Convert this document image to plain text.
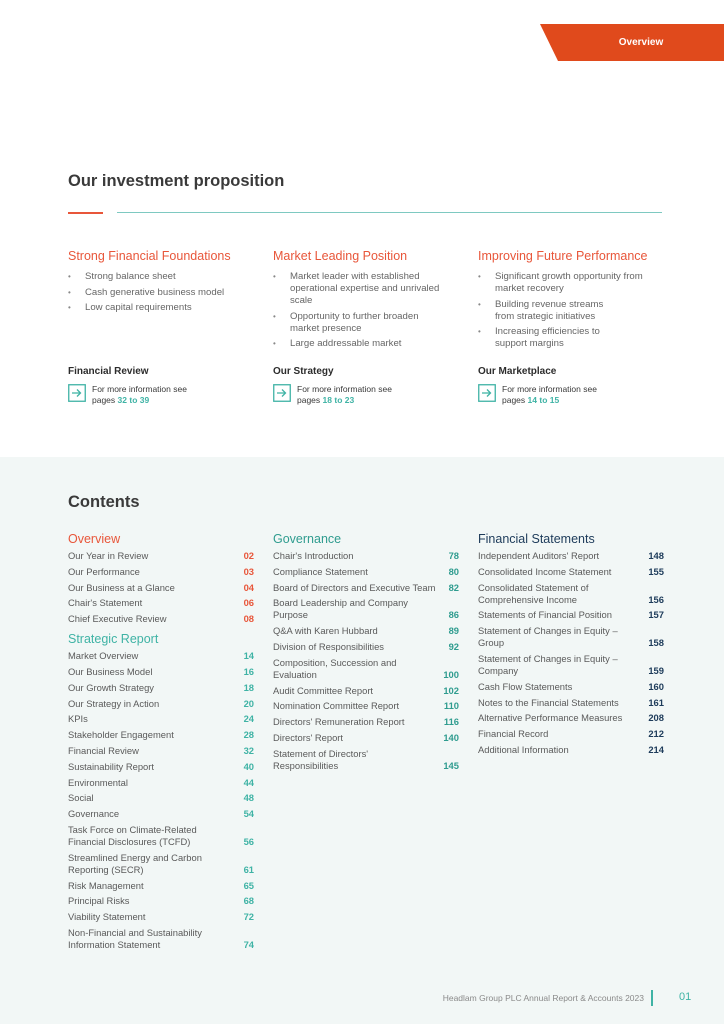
Overview
Our investment proposition
Strong Financial Foundations
• Strong balance sheet
• Cash generative business model
• Low capital requirements
Market Leading Position
• Market leader with established operational expertise and unrivaled scale
• Opportunity to further broaden market presence
• Large addressable market
Improving Future Performance
• Significant growth opportunity from market recovery
• Building revenue streams from strategic initiatives
• Increasing efficiencies to support margins
Financial Review
For more information see
pages 32 to 39
Our Strategy
For more information see
pages 18 to 23
Our Marketplace
For more information see
pages 14 to 15
Contents
Overview
Our Year in Review	02
Our Performance	03
Our Business at a Glance	04
Chair's Statement	06
Chief Executive Review	08
Strategic Report
Market Overview	14
Our Business Model	16
Our Growth Strategy	18
Our Strategy in Action	20
KPIs	24
Stakeholder Engagement	28
Financial Review	32
Sustainability Report	40
Environmental	44
Social	48
Governance	54
Task Force on Climate-Related Financial Disclosures (TCFD)	56
Streamlined Energy and Carbon Reporting (SECR)	61
Risk Management	65
Principal Risks	68
Viability Statement	72
Non-Financial and Sustainability Information Statement	74
Governance
Chair's Introduction	78
Compliance Statement	80
Board of Directors and Executive Team	82
Board Leadership and Company Purpose	86
Q&A with Karen Hubbard	89
Division of Responsibilities	92
Composition, Succession and Evaluation	100
Audit Committee Report	102
Nomination Committee Report	110
Directors' Remuneration Report	116
Directors' Report	140
Statement of Directors' Responsibilities	145
Financial Statements
Independent Auditors' Report	148
Consolidated Income Statement	155
Consolidated Statement of Comprehensive Income	156
Statements of Financial Position	157
Statement of Changes in Equity – Group	158
Statement of Changes in Equity – Company	159
Cash Flow Statements	160
Notes to the Financial Statements	161
Alternative Performance Measures	208
Financial Record	212
Additional Information	214
Headlam Group PLC Annual Report & Accounts 2023	01
